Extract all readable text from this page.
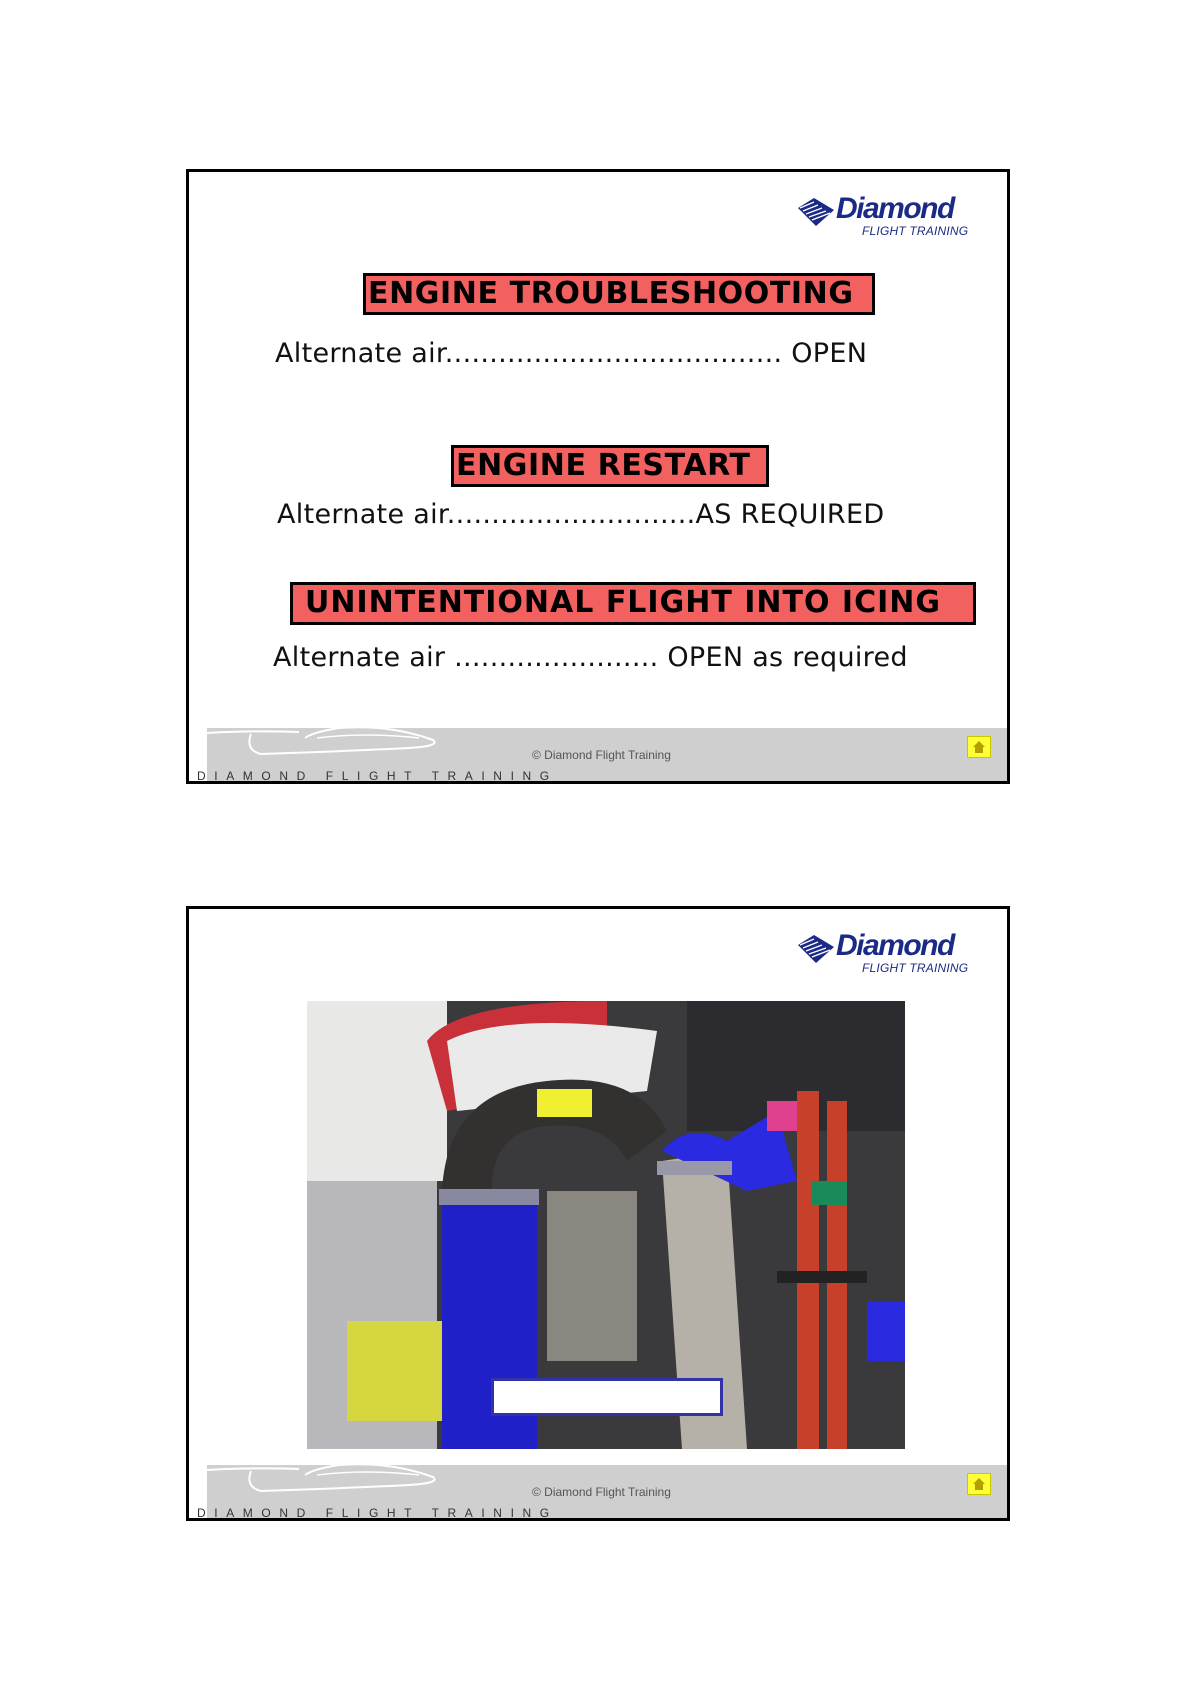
Diamond
FLIGHT TRAINING
ENGINE TROUBLESHOOTING
Alternate air...................................... OPEN
ENGINE RESTART
Alternate air............................AS REQUIRED
UNINTENTIONAL FLIGHT INTO ICING
Alternate air ....................... OPEN as required
DIAMOND FLIGHT TRAINING
© Diamond Flight Training
Diamond
FLIGHT TRAINING
DIAMOND FLIGHT TRAINING
© Diamond Flight Training
